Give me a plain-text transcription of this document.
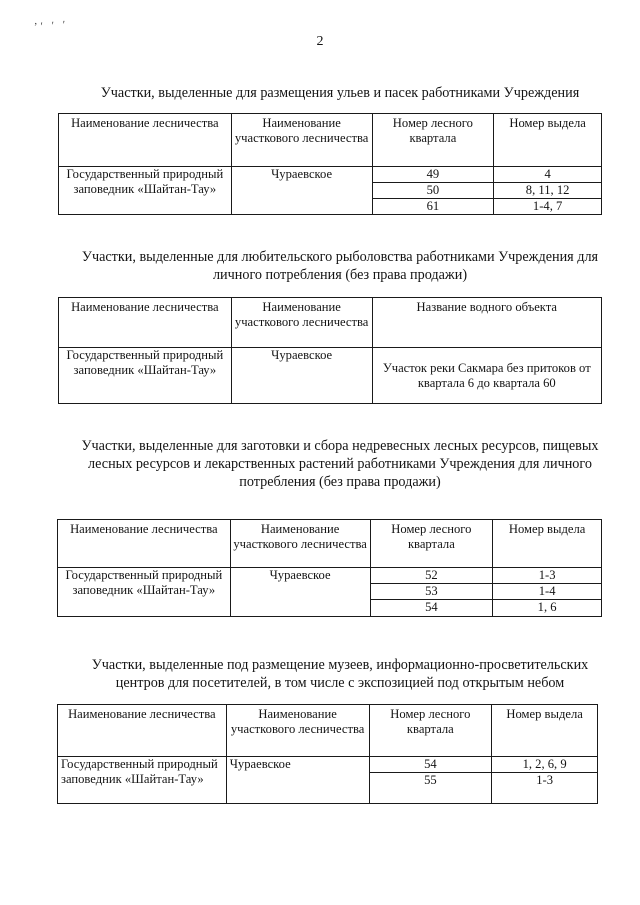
’′ ′ ′
2
Участки, выделенные для размещения ульев и пасек работниками Учреждения
Наименование лесничества	Наименование участкового лесничества	Номер лесного квартала	Номер выдела
Государственный природный заповедник «Шайтан-Тау»	Чураевское	49	4
		50	8, 11, 12
		61	1-4, 7
Участки, выделенные для любительского рыболовства работниками Учреждения для личного потребления (без права продажи)
Наименование лесничества	Наименование участкового лесничества	Название водного объекта
Государственный природный заповедник «Шайтан-Тау»	Чураевское	Участок реки Сакмара без притоков от квартала 6 до квартала 60
Участки, выделенные для заготовки и сбора недревесных лесных ресурсов, пищевых лесных ресурсов и лекарственных растений работниками Учреждения для личного потребления (без права продажи)
Наименование лесничества	Наименование участкового лесничества	Номер лесного квартала	Номер выдела
Государственный природный заповедник «Шайтан-Тау»	Чураевское	52	1-3
		53	1-4
		54	1, 6
Участки, выделенные под размещение музеев, информационно-просветительских центров для посетителей, в том числе с экспозицией под открытым небом
Наименование лесничества	Наименование участкового лесничества	Номер лесного квартала	Номер выдела
Государственный природный заповедник «Шайтан-Тау»	Чураевское	54	1, 2, 6, 9
		55	1-3
